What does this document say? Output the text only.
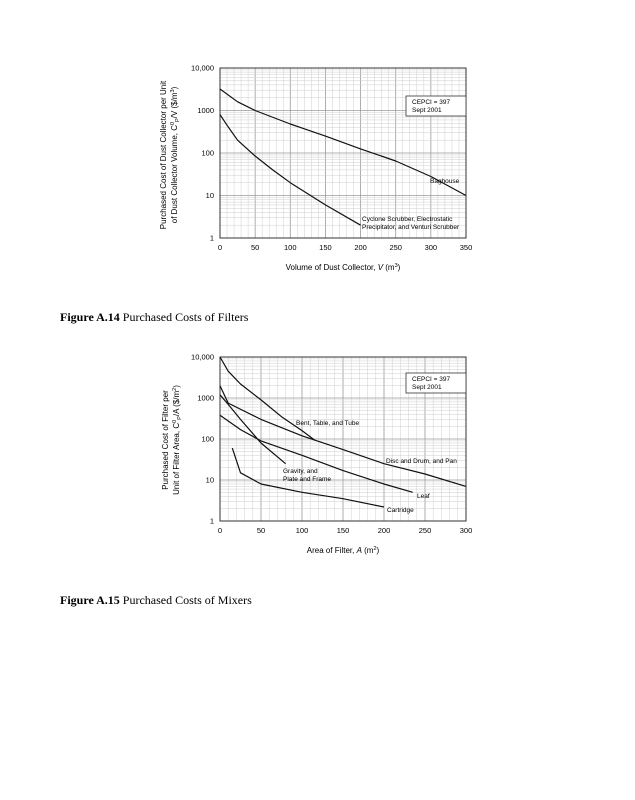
1
10
100
1000
10,000
0	50	100	150	200	250	300	350
Baghouse
Cyclone Scrubber, Electrostatic
Precipitator, and Venturi Scrubber
CEPCI = 397
Sept 2001
Volume of Dust Collector, V $(m^3)$
Purchased Cost of Dust Collector per Unit of Dust Collector Volume, $C^0_P/V$ $(\$/m^3)$
Figure A.14 Purchased Costs of Filters
1
10
100
1000
10,000
0	50	100	150	200	250	300
Bent, Table, and Tube
Disc and Drum, and Pan
Gravity, and
Plate and Frame
Leaf
Cartridge
CEPCI = 397
Sept 2001
Area of Filter, A $(m^2)$
Purchased Cost of Filter per Unit of Filter Area, $C^0_P/A$ $(\$/m^2)$
Figure A.15 Purchased Costs of Mixers
